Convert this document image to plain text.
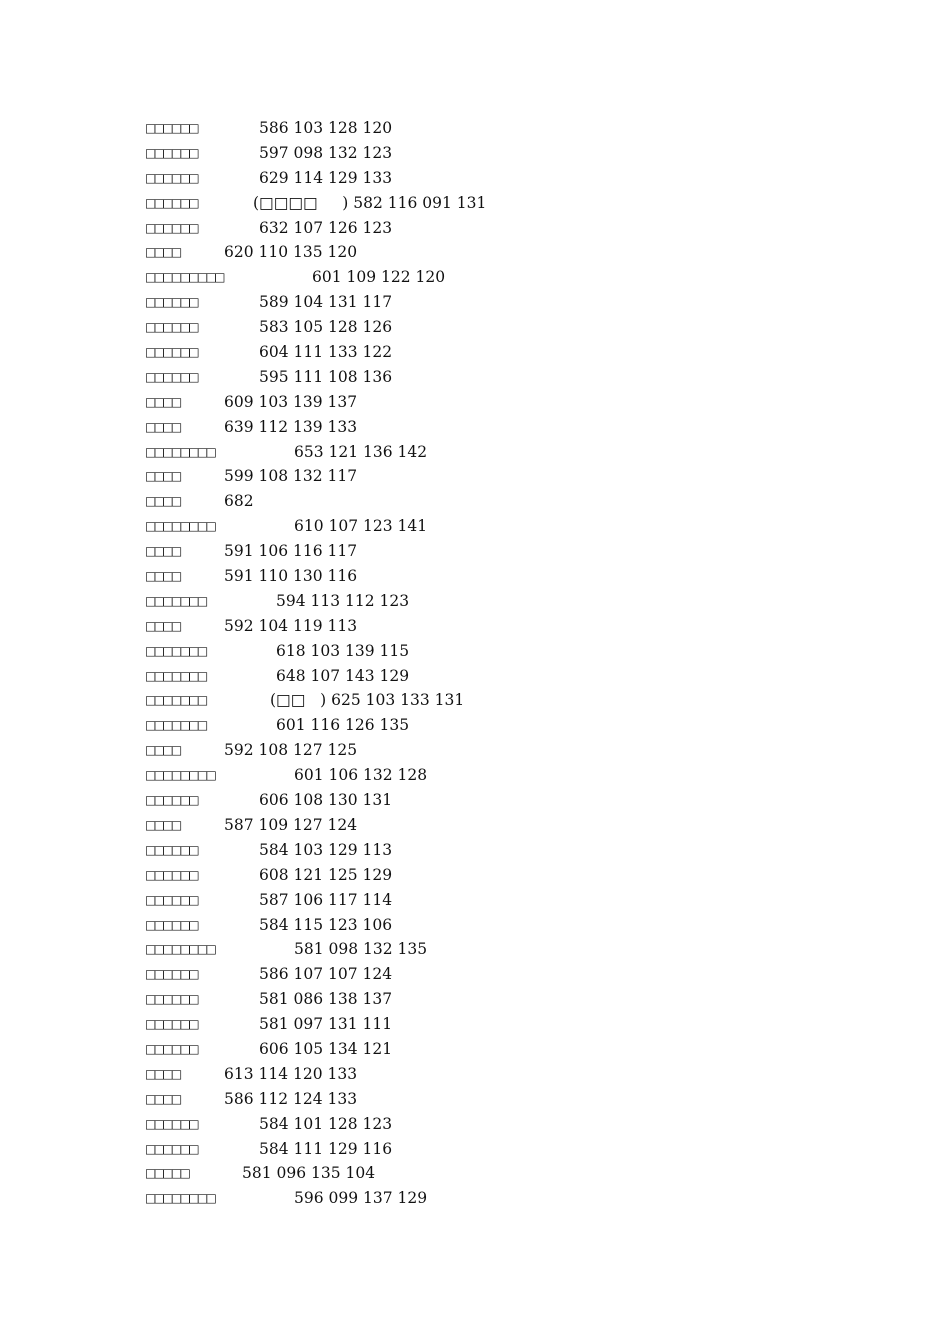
□□□□□□	586 103 128 120
□□□□□□	597 098 132 123
□□□□□□	629 114 129 133
□□□□□□	(□□□□     ) 582 116 091 131
□□□□□□	632 107 126 123
□□□□	620 110 135 120
□□□□□□□□□	601 109 122 120
□□□□□□	589 104 131 117
□□□□□□	583 105 128 126
□□□□□□	604 111 133 122
□□□□□□	595 111 108 136
□□□□	609 103 139 137
□□□□	639 112 139 133
□□□□□□□□	653 121 136 142
□□□□	599 108 132 117
□□□□	682
□□□□□□□□	610 107 123 141
□□□□	591 106 116 117
□□□□	591 110 130 116
□□□□□□□	594 113 112 123
□□□□	592 104 119 113
□□□□□□□	618 103 139 115
□□□□□□□	648 107 143 129
□□□□□□□	(□□   ) 625 103 133 131
□□□□□□□	601 116 126 135
□□□□	592 108 127 125
□□□□□□□□	601 106 132 128
□□□□□□	606 108 130 131
□□□□	587 109 127 124
□□□□□□	584 103 129 113
□□□□□□	608 121 125 129
□□□□□□	587 106 117 114
□□□□□□	584 115 123 106
□□□□□□□□	581 098 132 135
□□□□□□	586 107 107 124
□□□□□□	581 086 138 137
□□□□□□	581 097 131 111
□□□□□□	606 105 134 121
□□□□	613 114 120 133
□□□□	586 112 124 133
□□□□□□	584 101 128 123
□□□□□□	584 111 129 116
□□□□□	581 096 135 104
□□□□□□□□	596 099 137 129
